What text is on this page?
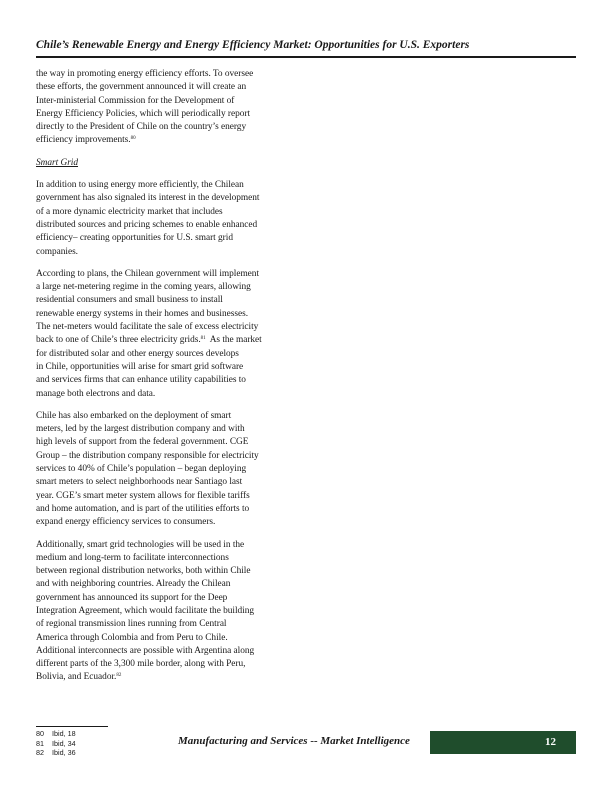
Chile’s Renewable Energy and Energy Efficiency Market: Opportunities for U.S. Exporters

the way in promoting energy efficiency efforts. To oversee
these efforts, the government announced it will create an
Inter-ministerial Commission for the Development of
Energy Efficiency Policies, which will periodically report
directly to the President of Chile on the country’s energy
efficiency improvements.$^{80}$

Smart Grid

In addition to using energy more efficiently, the Chilean
government has also signaled its interest in the development
of a more dynamic electricity market that includes
distributed sources and pricing schemes to enable enhanced
efficiency– creating opportunities for U.S. smart grid
companies.

According to plans, the Chilean government will implement
a large net-metering regime in the coming years, allowing
residential consumers and small business to install
renewable energy systems in their homes and businesses.
The net-meters would facilitate the sale of excess electricity
back to one of Chile’s three electricity grids.$^{81}$  As the market
for distributed solar and other energy sources develops
in Chile, opportunities will arise for smart grid software
and services firms that can enhance utility capabilities to
manage both electrons and data.

Chile has also embarked on the deployment of smart
meters, led by the largest distribution company and with
high levels of support from the federal government. CGE
Group – the distribution company responsible for electricity
services to 40% of Chile’s population – began deploying
smart meters to select neighborhoods near Santiago last
year. CGE’s smart meter system allows for flexible tariffs
and home automation, and is part of the utilities efforts to
expand energy efficiency services to consumers.

Additionally, smart grid technologies will be used in the
medium and long-term to facilitate interconnections
between regional distribution networks, both within Chile
and with neighboring countries. Already the Chilean
government has announced its support for the Deep
Integration Agreement, which would facilitate the building
of regional transmission lines running from Central
America through Colombia and from Peru to Chile.
Additional interconnects are possible with Argentina along
different parts of the 3,300 mile border, along with Peru,
Bolivia, and Ecuador.$^{82}$

80 Ibid, 18
81 Ibid, 34
82 Ibid, 36
Manufacturing and Services -- Market Intelligence	12
